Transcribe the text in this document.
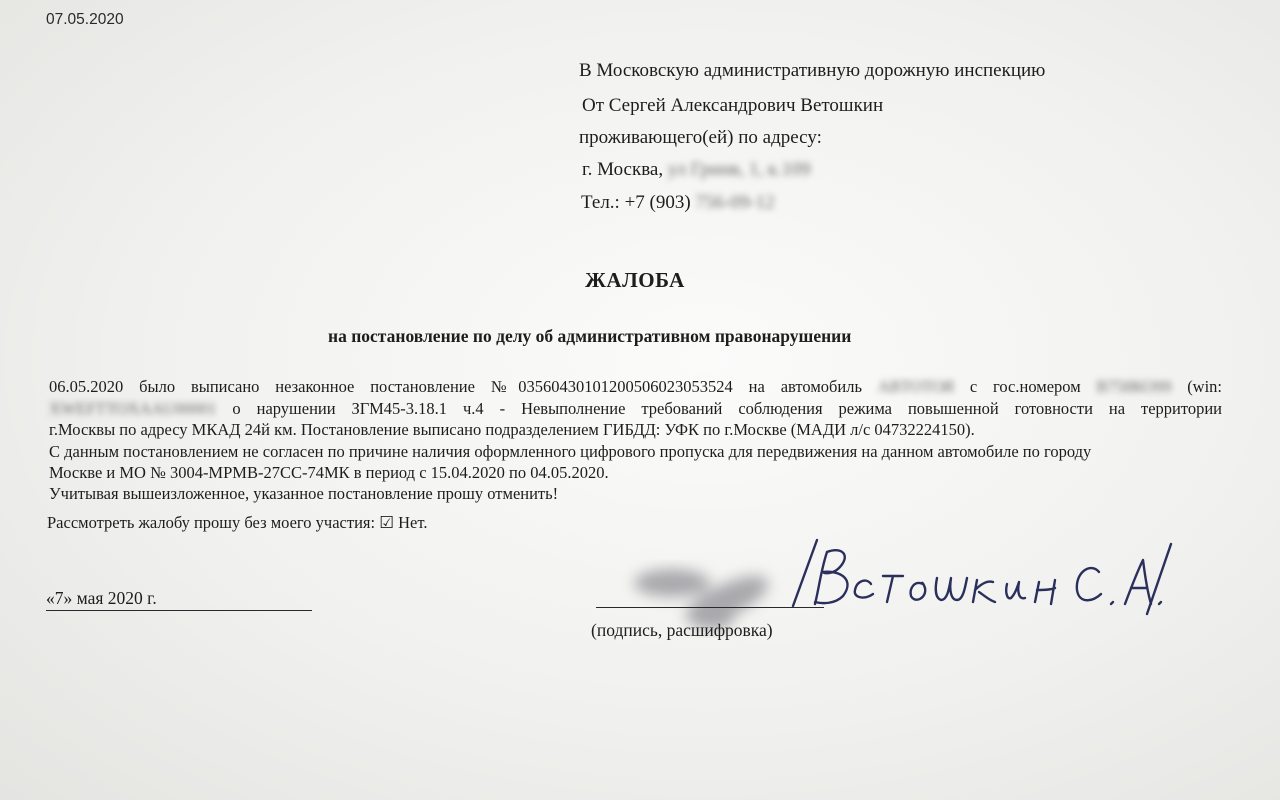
07.05.2020
В Московскую административную дорожную инспекцию
От Сергей Александрович Ветошкин
проживающего(ей) по адресу:
г. Москва, ул Гринв, 1, к.109
Тел.: +7 (903) 756-09-12
ЖАЛОБА
на постановление по делу об административном правонарушении
06.05.2020 было выписано незаконное постановление №03560430101200506023053524 на автомобиль АВТОТОЯ с гос.номером В758КО99 (win:
XWEFTTOXAAU00001 о нарушении ЗГМ45-3.18.1 ч.4 - Невыполнение требований соблюдения режима повышенной готовности на территории
г.Москвы по адресу МКАД 24й км. Постановление выписано подразделением ГИБДД: УФК по г.Москве (МАДИ л/с 04732224150).
С данным постановлением не согласен по причине наличия оформленного цифрового пропуска для передвижения на данном автомобиле по городу
Москве и МО № 3004-МРМВ-27СС-74МК в период с 15.04.2020 по 04.05.2020.
Учитывая вышеизложенное, указанное постановление прошу отменить!
Рассмотреть жалобу прошу без моего участия: ☑ Нет.
«7» мая 2020 г.
(подпись, расшифровка)
